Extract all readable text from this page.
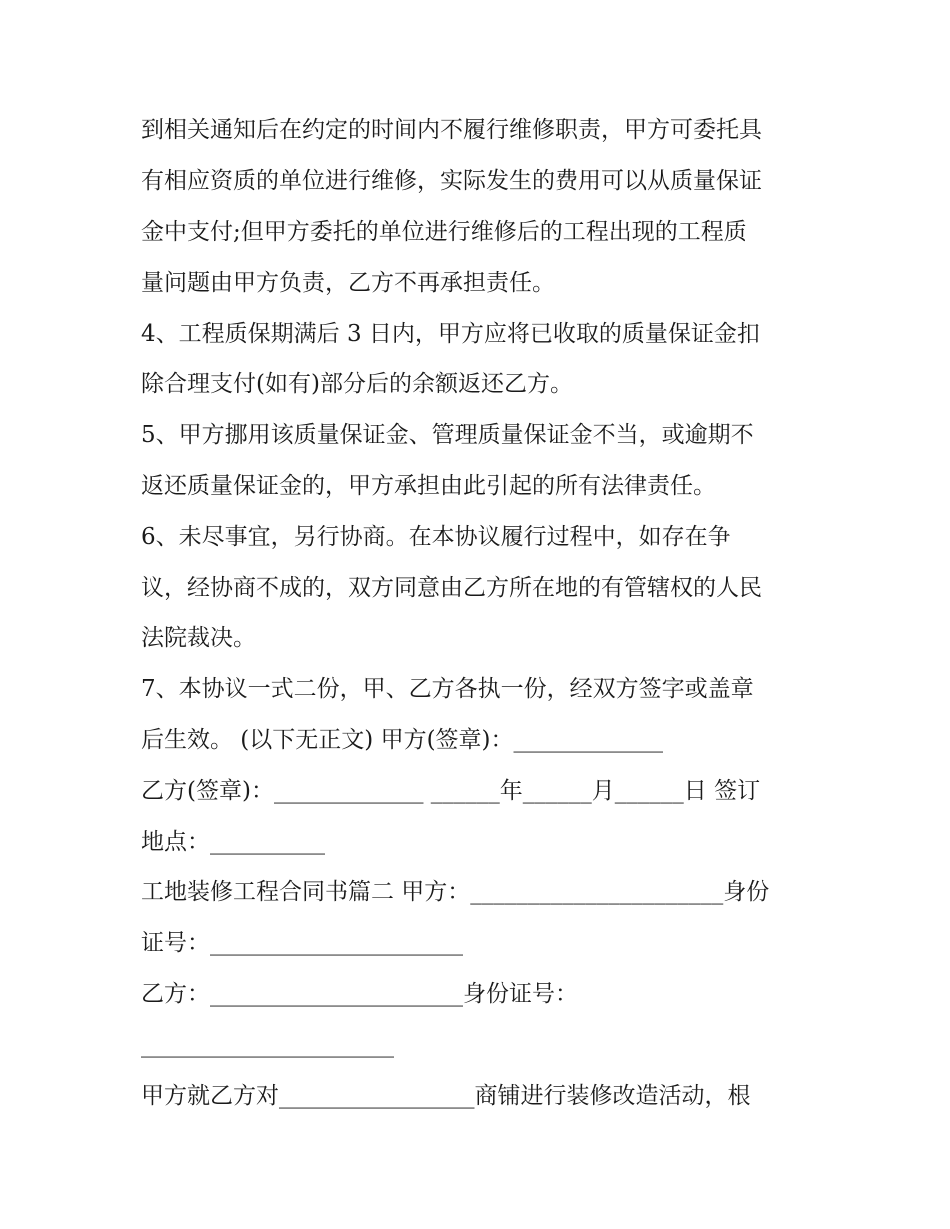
到相关通知后在约定的时间内不履行维修职责，甲方可委托具
有相应资质的单位进行维修，实际发生的费用可以从质量保证
金中支付;但甲方委托的单位进行维修后的工程出现的工程质
量问题由甲方负责，乙方不再承担责任。
4、工程质保期满后 3 日内，甲方应将已收取的质量保证金扣
除合理支付(如有)部分后的余额返还乙方。
5、甲方挪用该质量保证金、管理质量保证金不当，或逾期不
返还质量保证金的，甲方承担由此引起的所有法律责任。
6、未尽事宜，另行协商。在本协议履行过程中，如存在争
议，经协商不成的，双方同意由乙方所在地的有管辖权的人民
法院裁决。
7、本协议一式二份，甲、乙方各执一份，经双方签字或盖章
后生效。 (以下无正文) 甲方(签章)：_____________
乙方(签章)：_____________ ______年______月______日 签订
地点：__________
工地装修工程合同书篇二 甲方：______________________身份
证号：______________________
乙方：______________________身份证号：
______________________
甲方就乙方对_________________商铺进行装修改造活动，根
